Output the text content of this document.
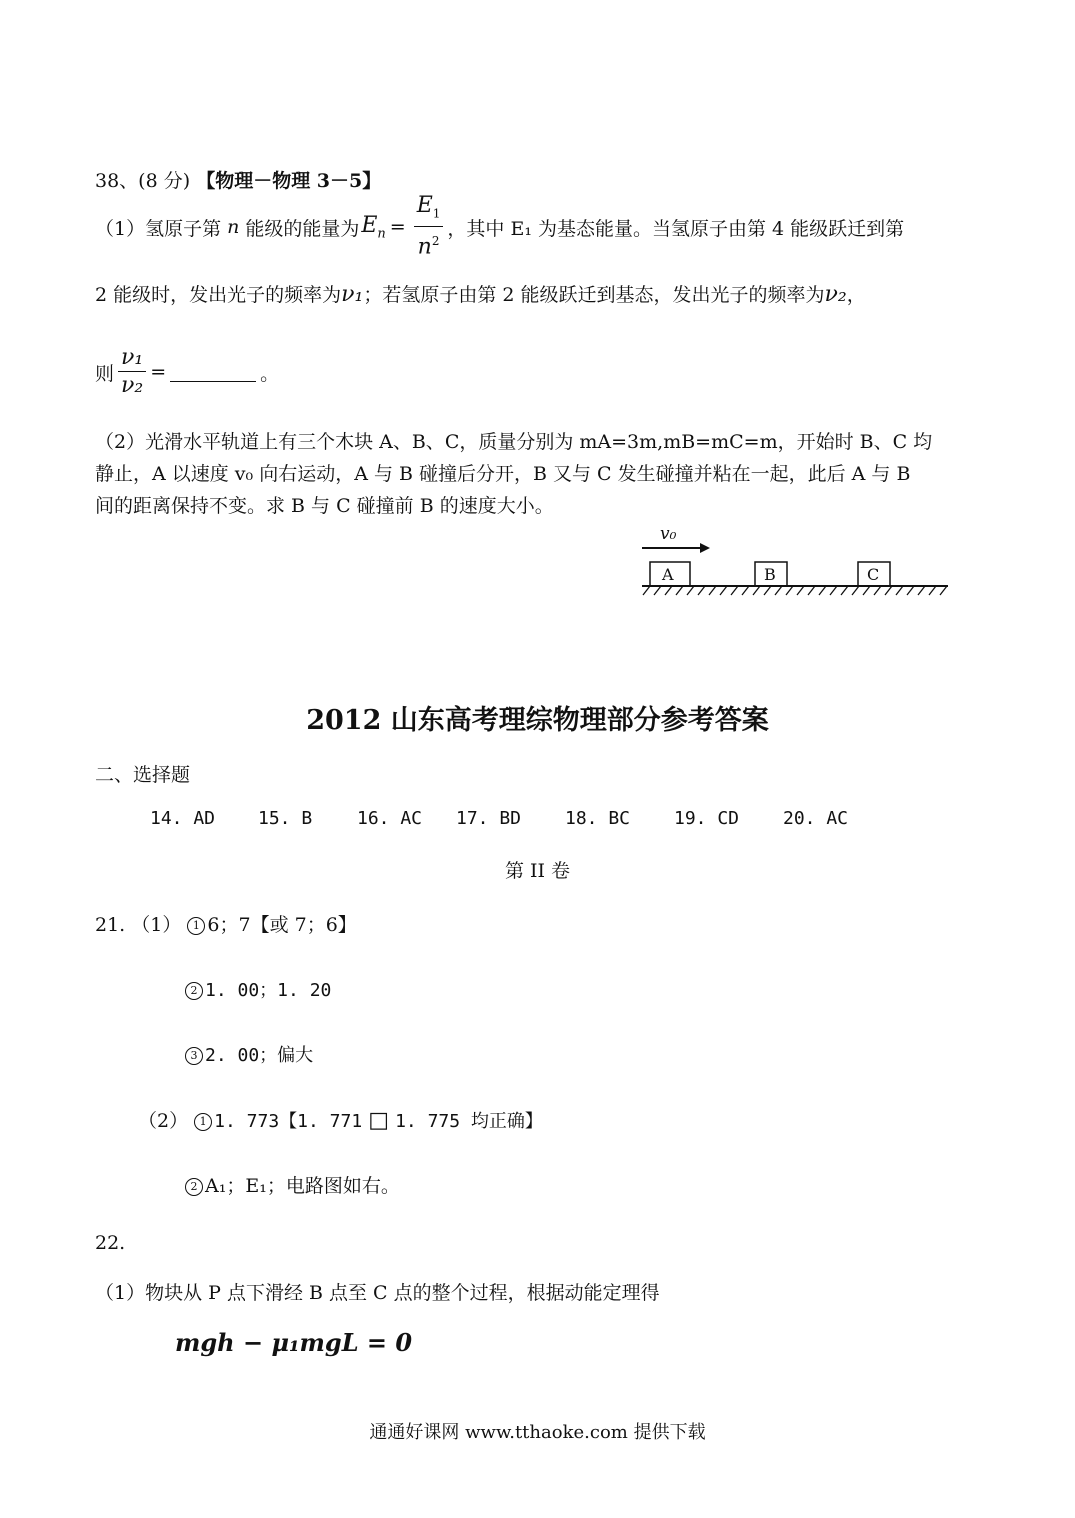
38、(8 分) 【物理－物理 3－5】
（1）氢原子第 n 能级的能量为 $E_n = \frac{E_1}{n^2}$ ，其中 E₁ 为基态能量。当氢原子由第 4 能级跃迁到第
2 能级时，发出光子的频率为ν₁；若氢原子由第 2 能级跃迁到基态，发出光子的频率为ν₂，
则 $\frac{\text{ν₁}}{\text{ν₂}}$ =	。
（2）光滑水平轨道上有三个木块 A、B、C，质量分别为 mA=3m,mB=mC=m，开始时 B、C 均
静止，A 以速度 v₀ 向右运动，A 与 B 碰撞后分开，B 又与 C 发生碰撞并粘在一起，此后 A 与 B
间的距离保持不变。求 B 与 C 碰撞前 B 的速度大小。
v₀
A	B	C
2012 山东高考理综物理部分参考答案
二、选择题
14. AD 15. B 16. AC 17. BD 18. BC 19. CD 20. AC
第 II 卷
21. （1） 1 6；7【或 7；6】
2 1. 00；1. 20
3 2. 00；偏大
（2） 1 1. 773【1. 771 □ 1. 775 均正确】
2 A₁；E₁；电路图如右。
22.
（1）物块从 P 点下滑经 B 点至 C 点的整个过程，根据动能定理得
mgh − μ₁mgL = 0
通通好课网 www.tthaoke.com 提供下载
